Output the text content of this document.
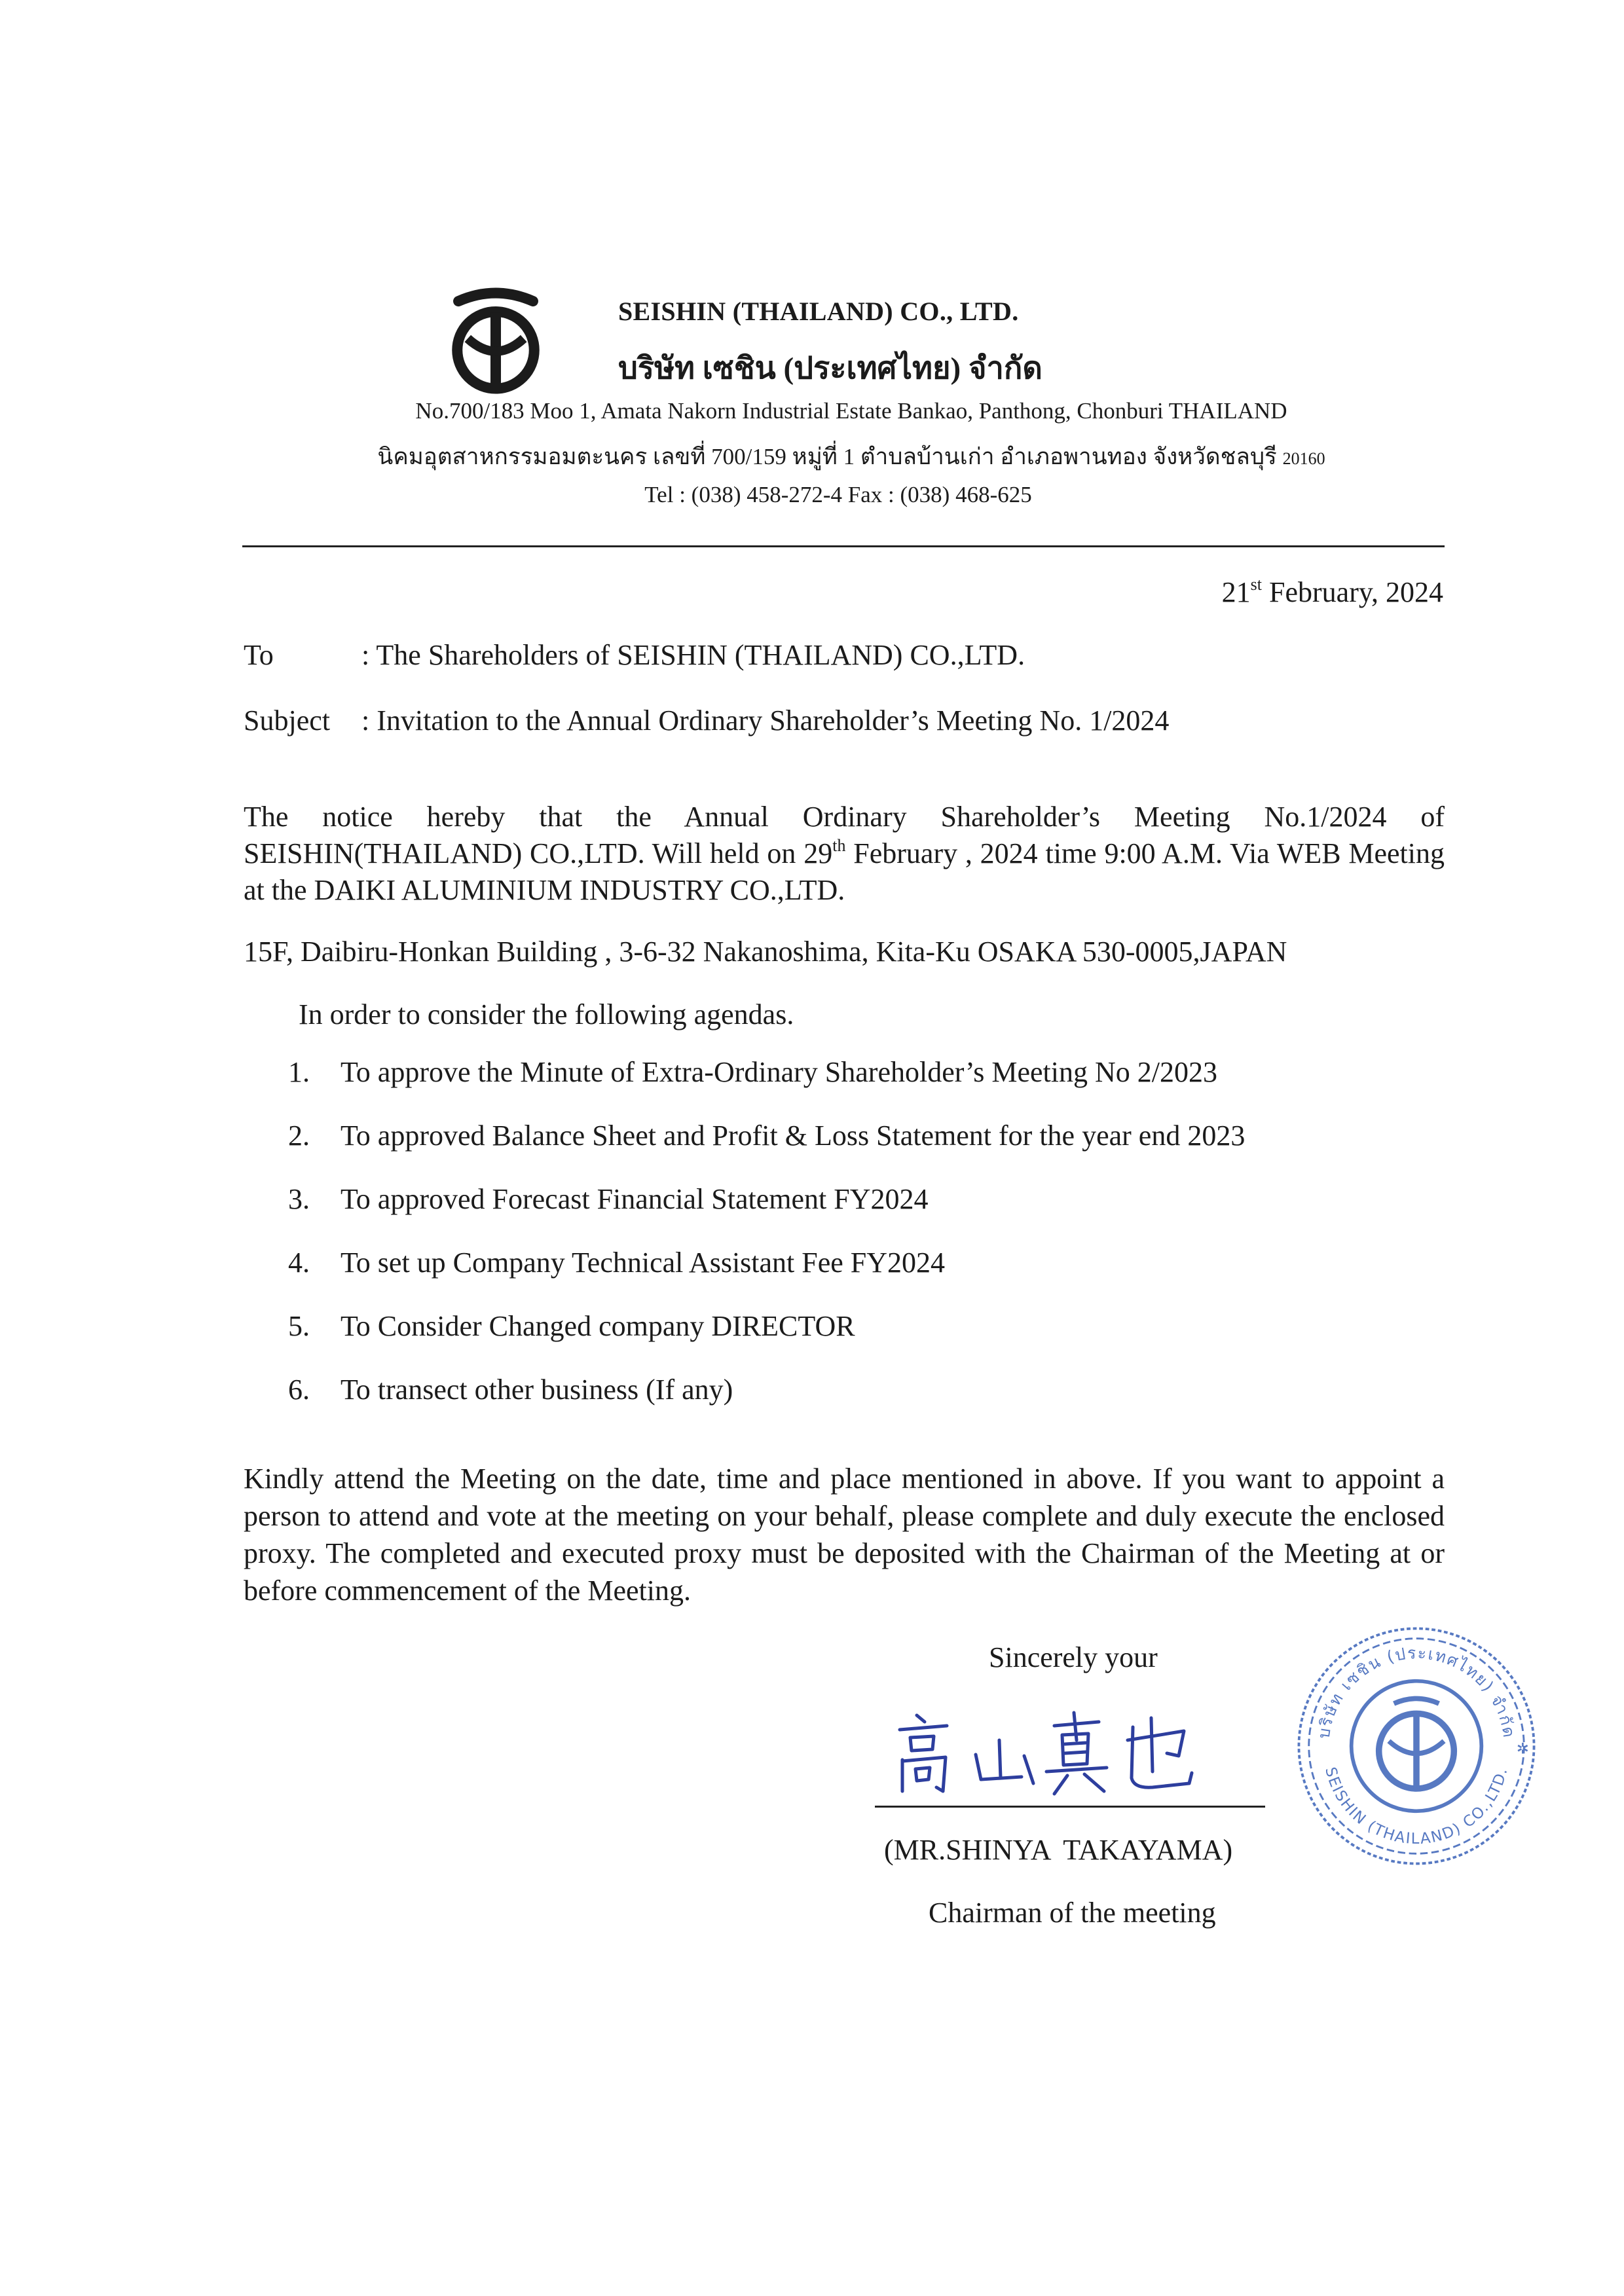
SEISHIN (THAILAND) CO., LTD.
บริษัท เซชิน (ประเทศไทย) จำกัด
No.700/183 Moo 1, Amata Nakorn Industrial Estate Bankao, Panthong, Chonburi THAILAND
นิคมอุตสาหกรรมอมตะนคร เลขที่ 700/159 หมู่ที่ 1 ตำบลบ้านเก่า อำเภอพานทอง จังหวัดชลบุรี 20160
Tel : (038) 458-272-4 Fax : (038) 468-625
21st February, 2024
To	: The Shareholders of SEISHIN (THAILAND) CO.,LTD.
Subject : Invitation to the Annual Ordinary Shareholder’s Meeting No. 1/2024
The notice hereby that the Annual Ordinary Shareholder’s Meeting No.1/2024 of SEISHIN(THAILAND) CO.,LTD. Will held on 29th February , 2024 time 9:00 A.M. Via WEB Meeting at the DAIKI ALUMINIUM INDUSTRY CO.,LTD.
15F, Daibiru-Honkan Building , 3-6-32 Nakanoshima, Kita-Ku OSAKA 530-0005,JAPAN
In order to consider the following agendas.
1. To approve the Minute of Extra-Ordinary Shareholder’s Meeting No 2/2023
2. To approved Balance Sheet and Profit & Loss Statement for the year end 2023
3. To approved Forecast Financial Statement FY2024
4. To set up Company Technical Assistant Fee FY2024
5. To Consider Changed company DIRECTOR
6. To transect other business (If any)
Kindly attend the Meeting on the date, time and place mentioned in above. If you want to appoint a person to attend and vote at the meeting on your behalf, please complete and duly execute the enclosed proxy. The completed and executed proxy must be deposited with the Chairman of the Meeting at or before commencement of the Meeting.
Sincerely your
(MR.SHINYA TAKAYAMA)
Chairman of the meeting
บริษัท เซชิน (ประเทศไทย) จำกัด
SEISHIN (THAILAND) CO.,LTD.
✲
